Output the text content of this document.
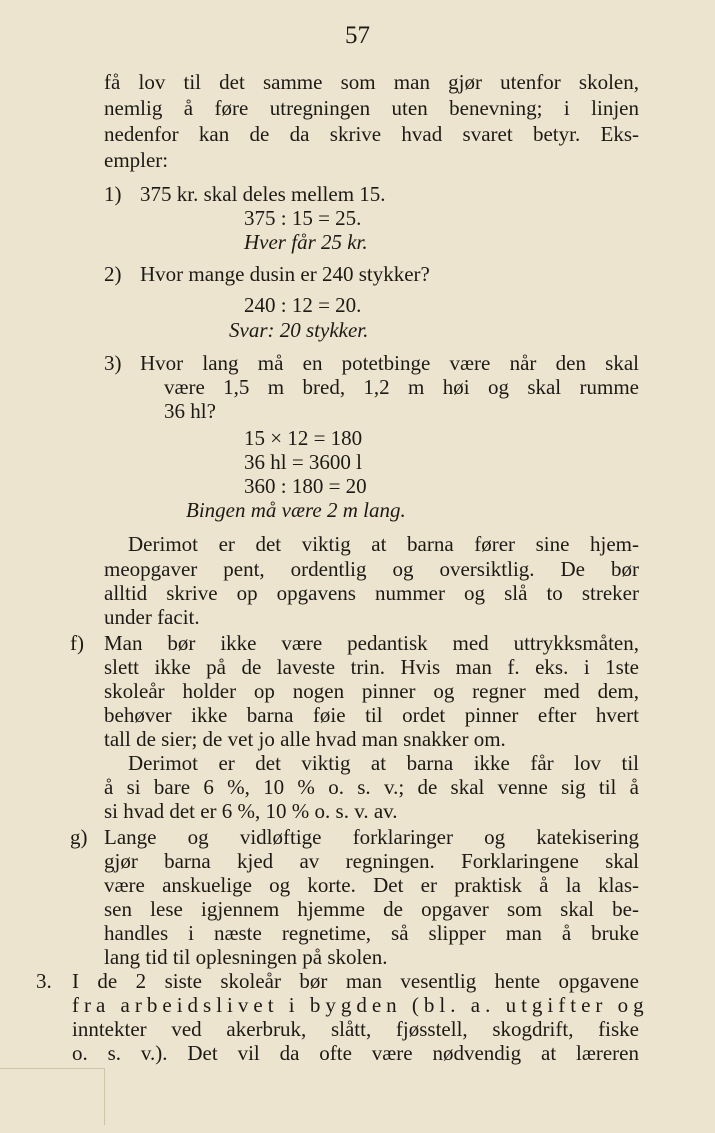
57
få lov til det samme som man gjør utenfor skolen,
nemlig å føre utregningen uten benevning; i linjen
nedenfor kan de da skrive hvad svaret betyr. Eks-
empler:
1) 375 kr. skal deles mellem 15.
375 : 15 = 25.
Hver får 25 kr.
2) Hvor mange dusin er 240 stykker?
240 : 12 = 20.
Svar: 20 stykker.
3) Hvor lang må en potetbinge være når den skal
være 1,5 m bred, 1,2 m høi og skal rumme
36 hl?
15 × 12 = 180
36 hl = 3600 l
360 : 180 = 20
Bingen må være 2 m lang.
Derimot er det viktig at barna fører sine hjem-
meopgaver pent, ordentlig og oversiktlig. De bør
alltid skrive op opgavens nummer og slå to streker
under facit.
f) Man bør ikke være pedantisk med uttrykksmåten,
slett ikke på de laveste trin. Hvis man f. eks. i 1ste
skoleår holder op nogen pinner og regner med dem,
behøver ikke barna føie til ordet pinner efter hvert
tall de sier; de vet jo alle hvad man snakker om.
Derimot er det viktig at barna ikke får lov til
å si bare 6 %, 10 % o. s. v.; de skal venne sig til å
si hvad det er 6 %, 10 % o. s. v. av.
g) Lange og vidløftige forklaringer og katekisering
gjør barna kjed av regningen. Forklaringene skal
være anskuelige og korte. Det er praktisk å la klas-
sen lese igjennem hjemme de opgaver som skal be-
handles i næste regnetime, så slipper man å bruke
lang tid til oplesningen på skolen.
3. I de 2 siste skoleår bør man vesentlig hente opgavene
fra arbeidslivet i bygden (bl. a. utgifter og
inntekter ved akerbruk, slått, fjøsstell, skogdrift, fiske
o. s. v.). Det vil da ofte være nødvendig at læreren
